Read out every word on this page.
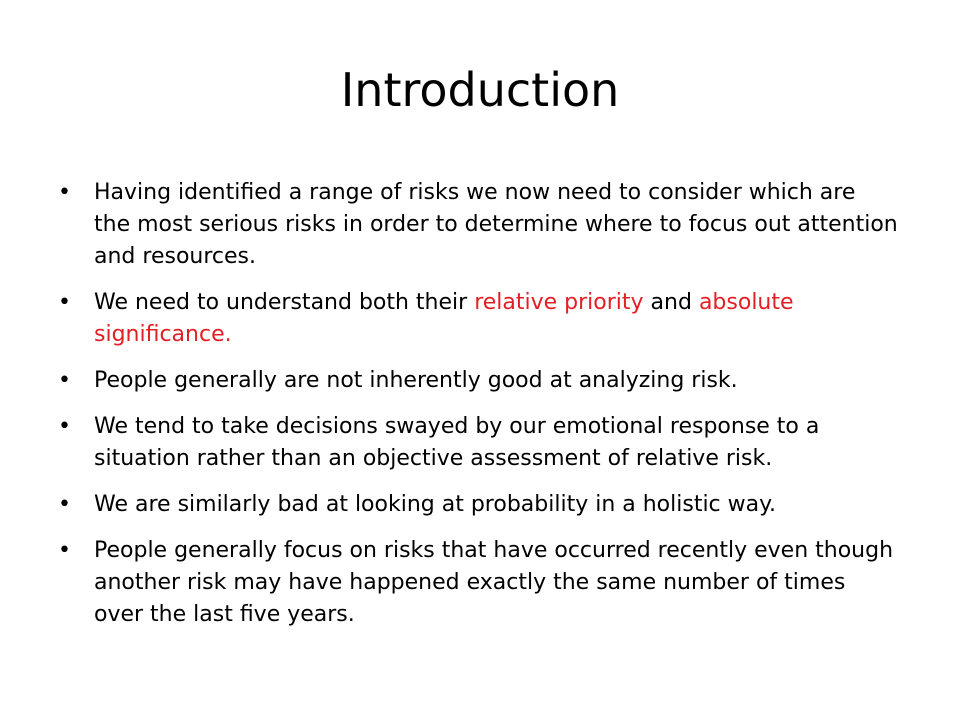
Introduction
•	Having identified a range of risks we now need to consider which are the most serious risks in order to determine where to focus out attention and resources.
•	We need to understand both their relative priority and absolute significance.
•	People generally are not inherently good at analyzing risk.
•	We tend to take decisions swayed by our emotional response to a situation rather than an objective assessment of relative risk.
•	We are similarly bad at looking at probability in a holistic way.
•	People generally focus on risks that have occurred recently even though another risk may have happened exactly the same number of times over the last five years.
